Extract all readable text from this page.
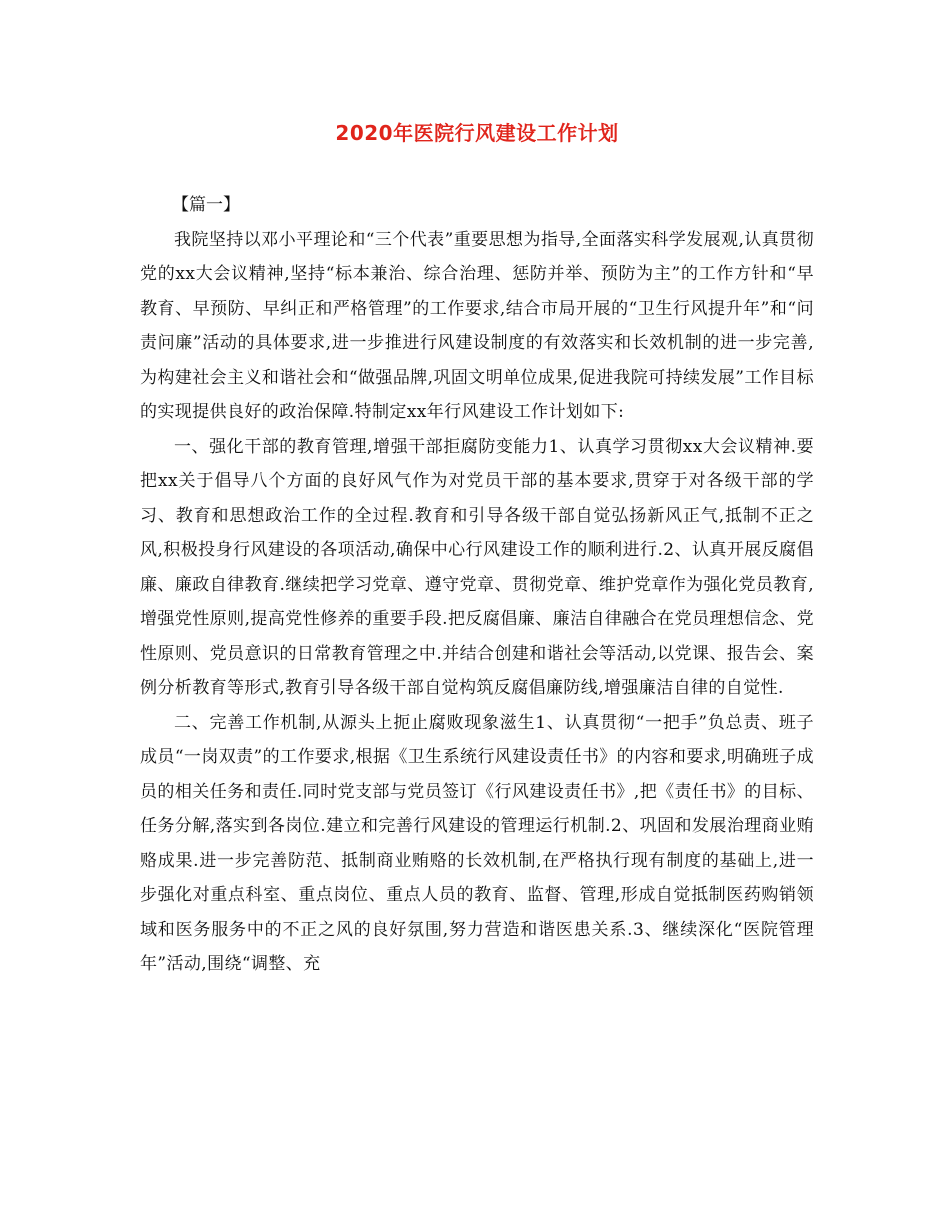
2020年医院行风建设工作计划

【篇一】

我院坚持以邓小平理论和“三个代表”重要思想为指导,全面落实科学发展观,认真贯彻党的xx大会议精神,坚持“标本兼治、综合治理、惩防并举、预防为主”的工作方针和“早教育、早预防、早纠正和严格管理”的工作要求,结合市局开展的“卫生行风提升年”和“问责问廉”活动的具体要求,进一步推进行风建设制度的有效落实和长效机制的进一步完善,为构建社会主义和谐社会和“做强品牌,巩固文明单位成果,促进我院可持续发展”工作目标的实现提供良好的政治保障.特制定xx年行风建设工作计划如下:

一、强化干部的教育管理,增强干部拒腐防变能力1、认真学习贯彻xx大会议精神.要把xx关于倡导八个方面的良好风气作为对党员干部的基本要求,贯穿于对各级干部的学习、教育和思想政治工作的全过程.教育和引导各级干部自觉弘扬新风正气,抵制不正之风,积极投身行风建设的各项活动,确保中心行风建设工作的顺利进行.2、认真开展反腐倡廉、廉政自律教育.继续把学习党章、遵守党章、贯彻党章、维护党章作为强化党员教育,增强党性原则,提高党性修养的重要手段.把反腐倡廉、廉洁自律融合在党员理想信念、党性原则、党员意识的日常教育管理之中.并结合创建和谐社会等活动,以党课、报告会、案例分析教育等形式,教育引导各级干部自觉构筑反腐倡廉防线,增强廉洁自律的自觉性.

二、完善工作机制,从源头上扼止腐败现象滋生1、认真贯彻“一把手”负总责、班子成员“一岗双责”的工作要求,根据《卫生系统行风建设责任书》的内容和要求,明确班子成员的相关任务和责任.同时党支部与党员签订《行风建设责任书》,把《责任书》的目标、任务分解,落实到各岗位.建立和完善行风建设的管理运行机制.2、巩固和发展治理商业贿赂成果.进一步完善防范、抵制商业贿赂的长效机制,在严格执行现有制度的基础上,进一步强化对重点科室、重点岗位、重点人员的教育、监督、管理,形成自觉抵制医药购销领域和医务服务中的不正之风的良好氛围,努力营造和谐医患关系.3、继续深化“医院管理年”活动,围绕“调整、充
